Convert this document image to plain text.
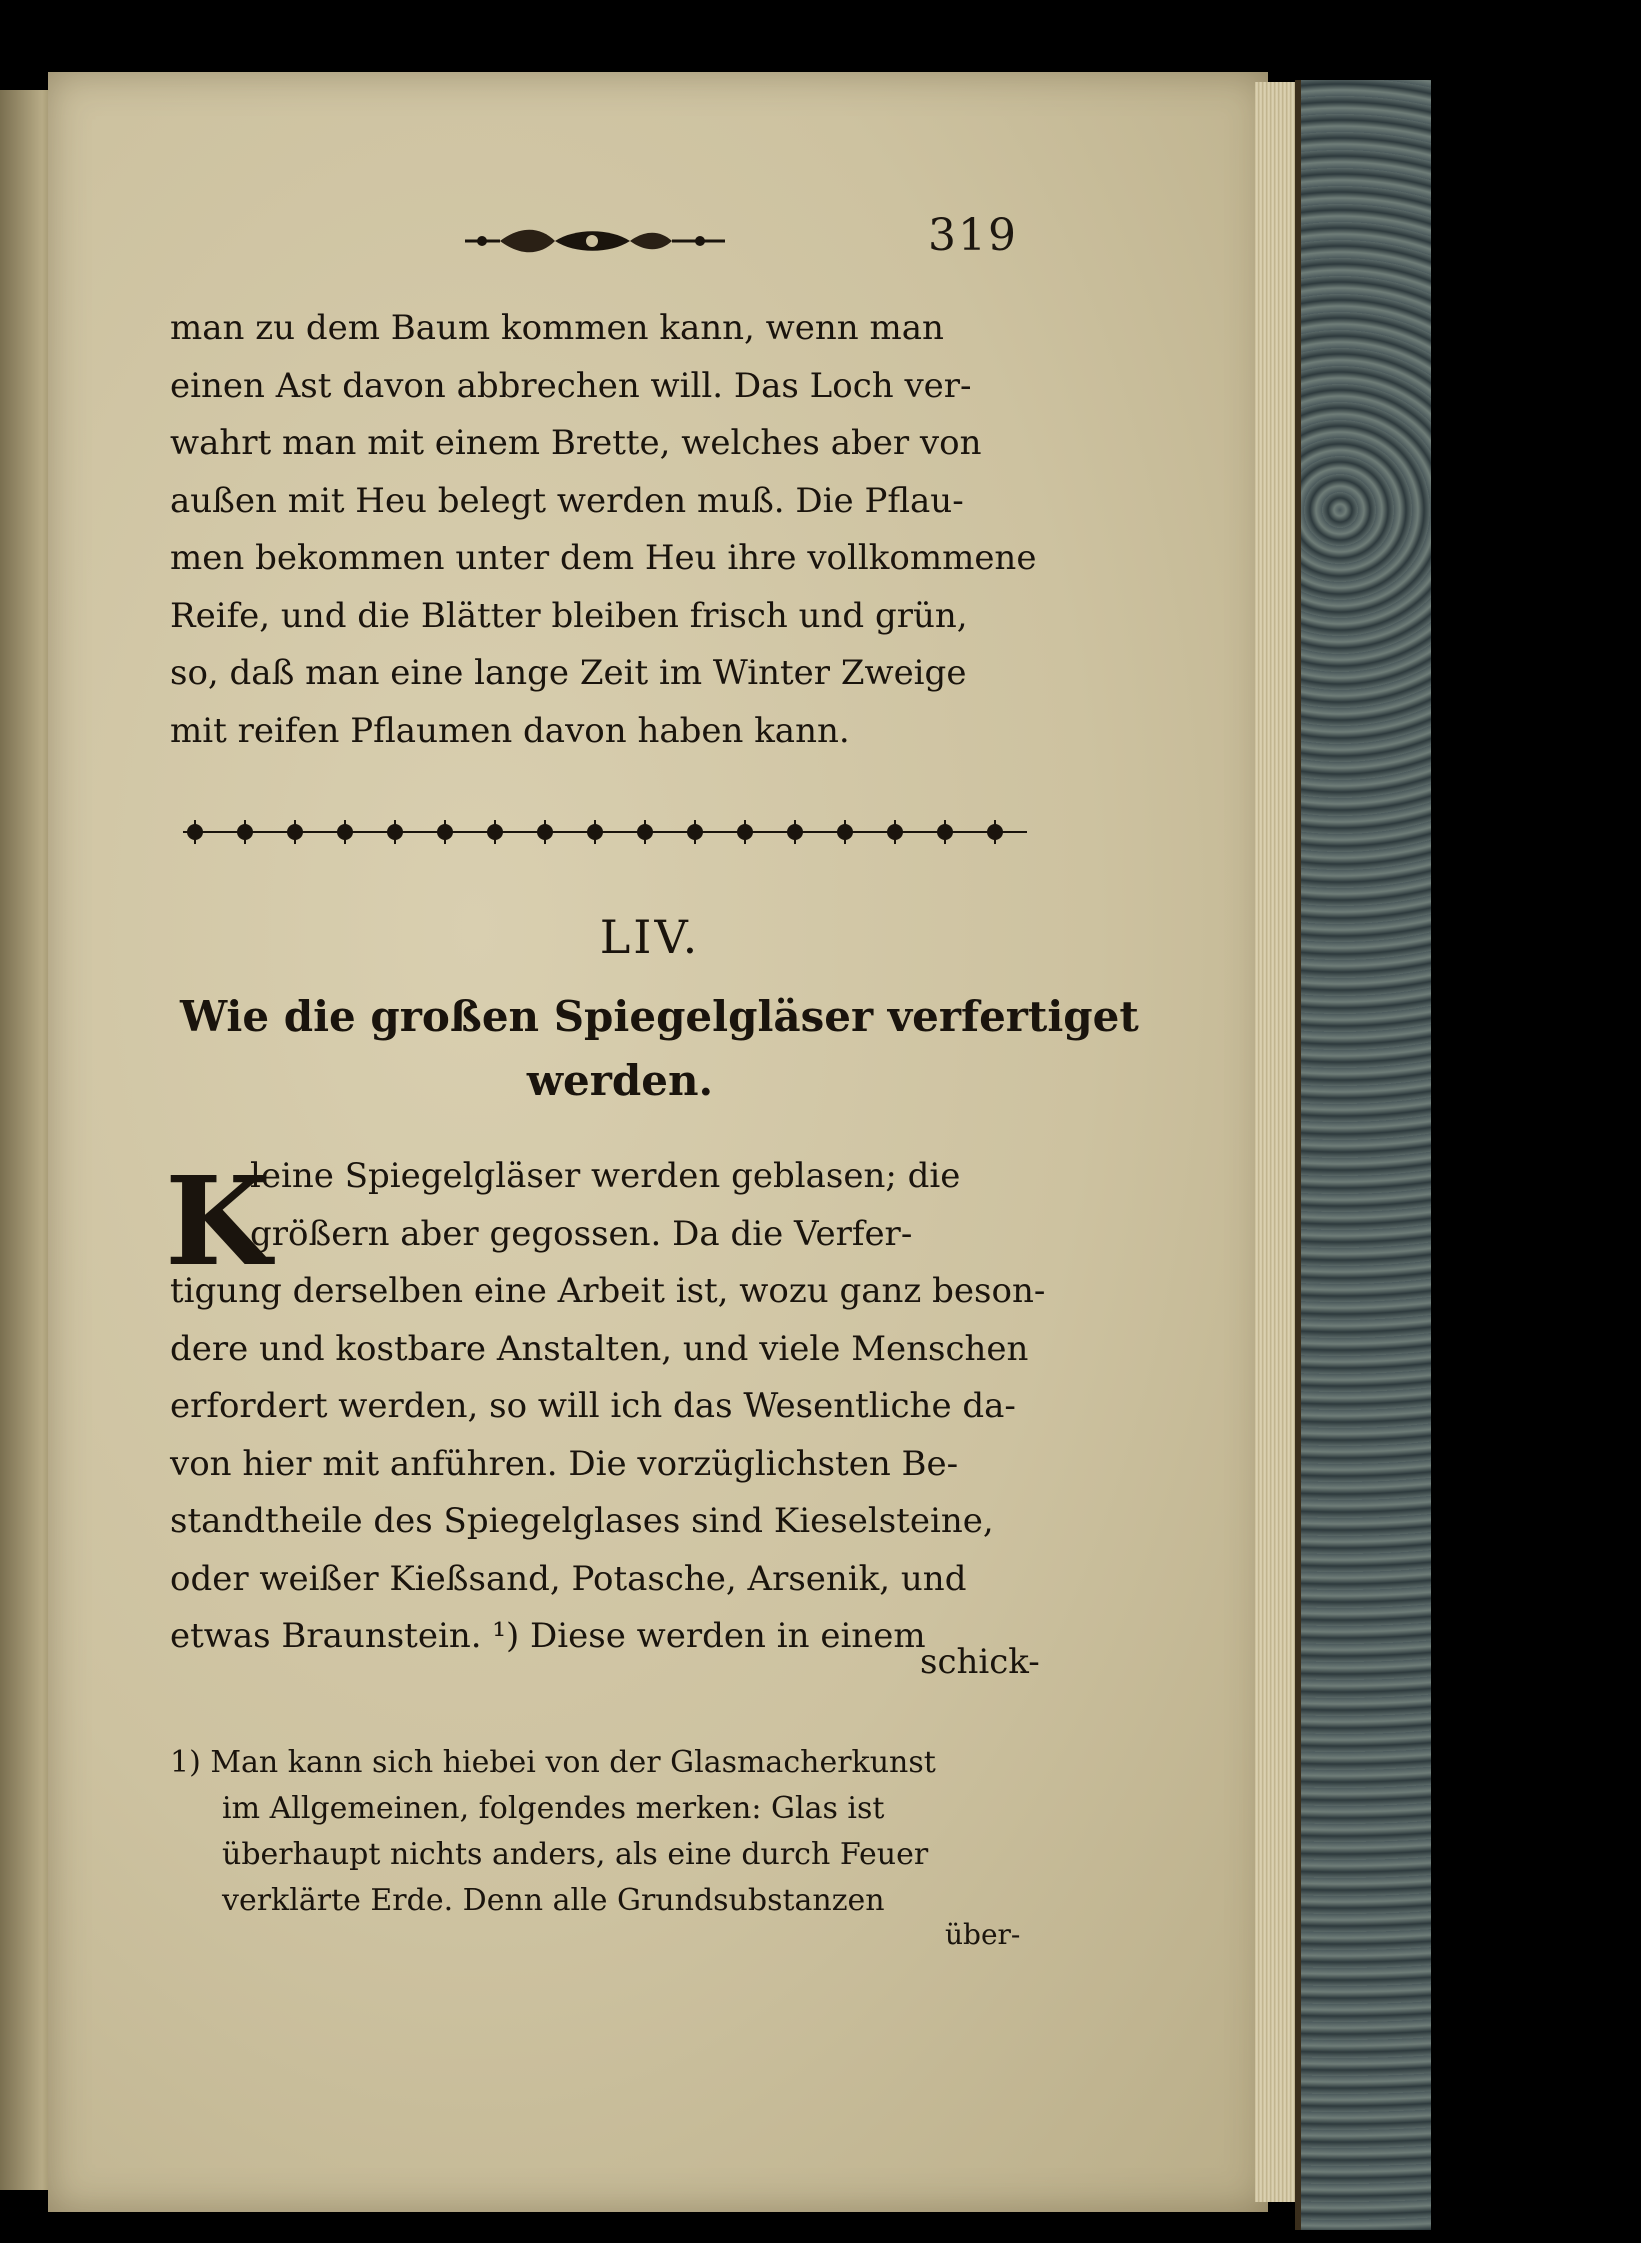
319
man zu dem Baum kommen kann, wenn man
einen Ast davon abbrechen will. Das Loch ver-
wahrt man mit einem Brette, welches aber von
außen mit Heu belegt werden muß. Die Pflau-
men bekommen unter dem Heu ihre vollkommene
Reife, und die Blätter bleiben frisch und grün,
so, daß man eine lange Zeit im Winter Zweige
mit reifen Pflaumen davon haben kann.
LIV.
Wie die großen Spiegelgläser verfertiget
werden.
K
leine Spiegelgläser werden geblasen; die
größern aber gegossen. Da die Verfer-
tigung derselben eine Arbeit ist, wozu ganz beson-
dere und kostbare Anstalten, und viele Menschen
erfordert werden, so will ich das Wesentliche da-
von hier mit anführen. Die vorzüglichsten Be-
standtheile des Spiegelglases sind Kieselsteine,
oder weißer Kießsand, Potasche, Arsenik, und
etwas Braunstein. ¹) Diese werden in einem
schick-
1) Man kann sich hiebei von der Glasmacherkunst
im Allgemeinen, folgendes merken: Glas ist
überhaupt nichts anders, als eine durch Feuer
verklärte Erde. Denn alle Grundsubstanzen
über-
